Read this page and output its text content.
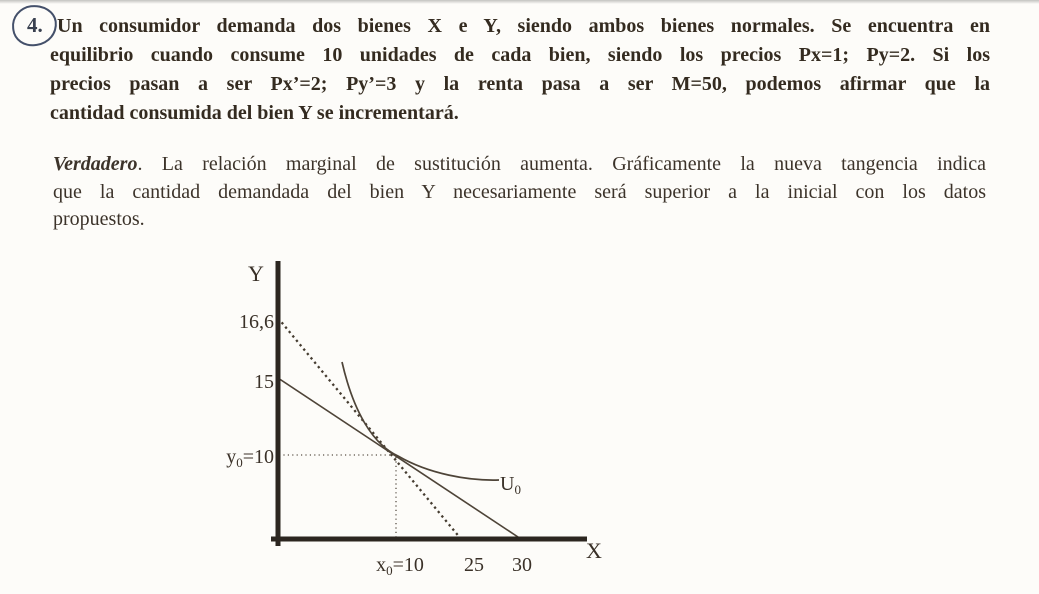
4. Un consumidor demanda dos bienes X e Y, siendo ambos bienes normales. Se encuentra en
equilibrio cuando consume 10 unidades de cada bien, siendo los precios Px=1; Py=2. Si los
precios pasan a ser Px’=2; Py’=3 y la renta pasa a ser M=50, podemos afirmar que la
cantidad consumida del bien Y se incrementará.
Verdadero. La relación marginal de sustitución aumenta. Gráficamente la nueva tangencia indica
que la cantidad demandada del bien Y necesariamente será superior a la inicial con los datos
propuestos.
Y
X
16,6
15
$y_0=10$
$x_0=10$ 25 30
$U_0$
